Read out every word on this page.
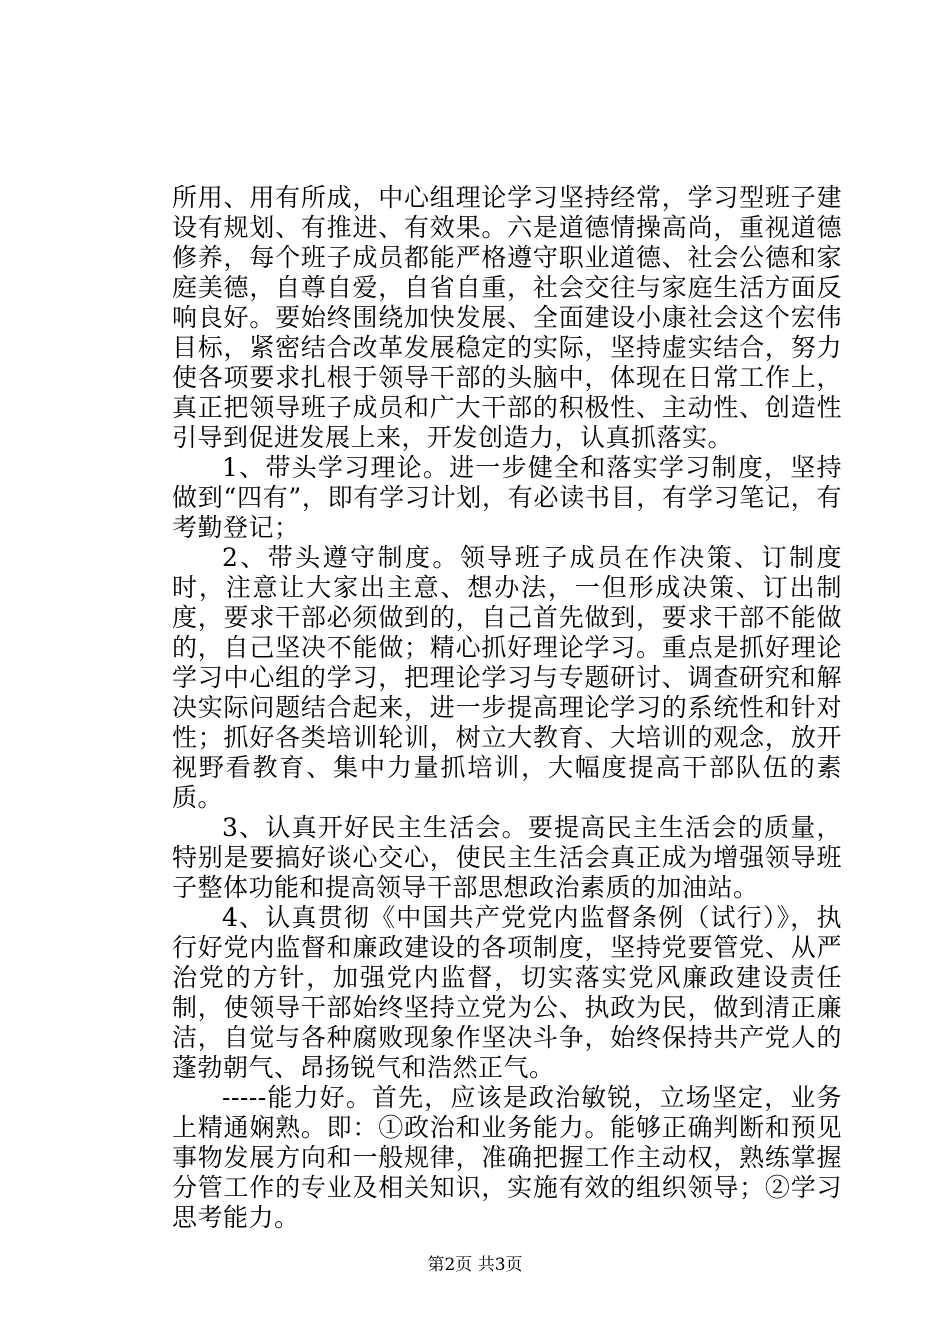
所用、用有所成，中心组理论学习坚持经常，学习型班子建设有规划、有推进、有效果。六是道德情操高尚，重视道德修养，每个班子成员都能严格遵守职业道德、社会公德和家庭美德，自尊自爱，自省自重，社会交往与家庭生活方面反响良好。要始终围绕加快发展、全面建设小康社会这个宏伟目标，紧密结合改革发展稳定的实际，坚持虚实结合，努力使各项要求扎根于领导干部的头脑中，体现在日常工作上，真正把领导班子成员和广大干部的积极性、主动性、创造性引导到促进发展上来，开发创造力，认真抓落实。

1、带头学习理论。进一步健全和落实学习制度，坚持做到“四有”，即有学习计划，有必读书目，有学习笔记，有考勤登记；

2、带头遵守制度。领导班子成员在作决策、订制度时，注意让大家出主意、想办法，一但形成决策、订出制度，要求干部必须做到的，自己首先做到，要求干部不能做的，自己坚决不能做；精心抓好理论学习。重点是抓好理论学习中心组的学习，把理论学习与专题研讨、调查研究和解决实际问题结合起来，进一步提高理论学习的系统性和针对性；抓好各类培训轮训，树立大教育、大培训的观念，放开视野看教育、集中力量抓培训，大幅度提高干部队伍的素质。

3、认真开好民主生活会。要提高民主生活会的质量，特别是要搞好谈心交心，使民主生活会真正成为增强领导班子整体功能和提高领导干部思想政治素质的加油站。

4、认真贯彻《中国共产党党内监督条例（试行）》，执行好党内监督和廉政建设的各项制度，坚持党要管党、从严治党的方针，加强党内监督，切实落实党风廉政建设责任制，使领导干部始终坚持立党为公、执政为民，做到清正廉洁，自觉与各种腐败现象作坚决斗争，始终保持共产党人的蓬勃朝气、昂扬锐气和浩然正气。

-----能力好。首先，应该是政治敏锐，立场坚定，业务上精通娴熟。即：①政治和业务能力。能够正确判断和预见事物发展方向和一般规律，准确把握工作主动权，熟练掌握分管工作的专业及相关知识，实施有效的组织领导；②学习思考能力。

第2页 共3页
